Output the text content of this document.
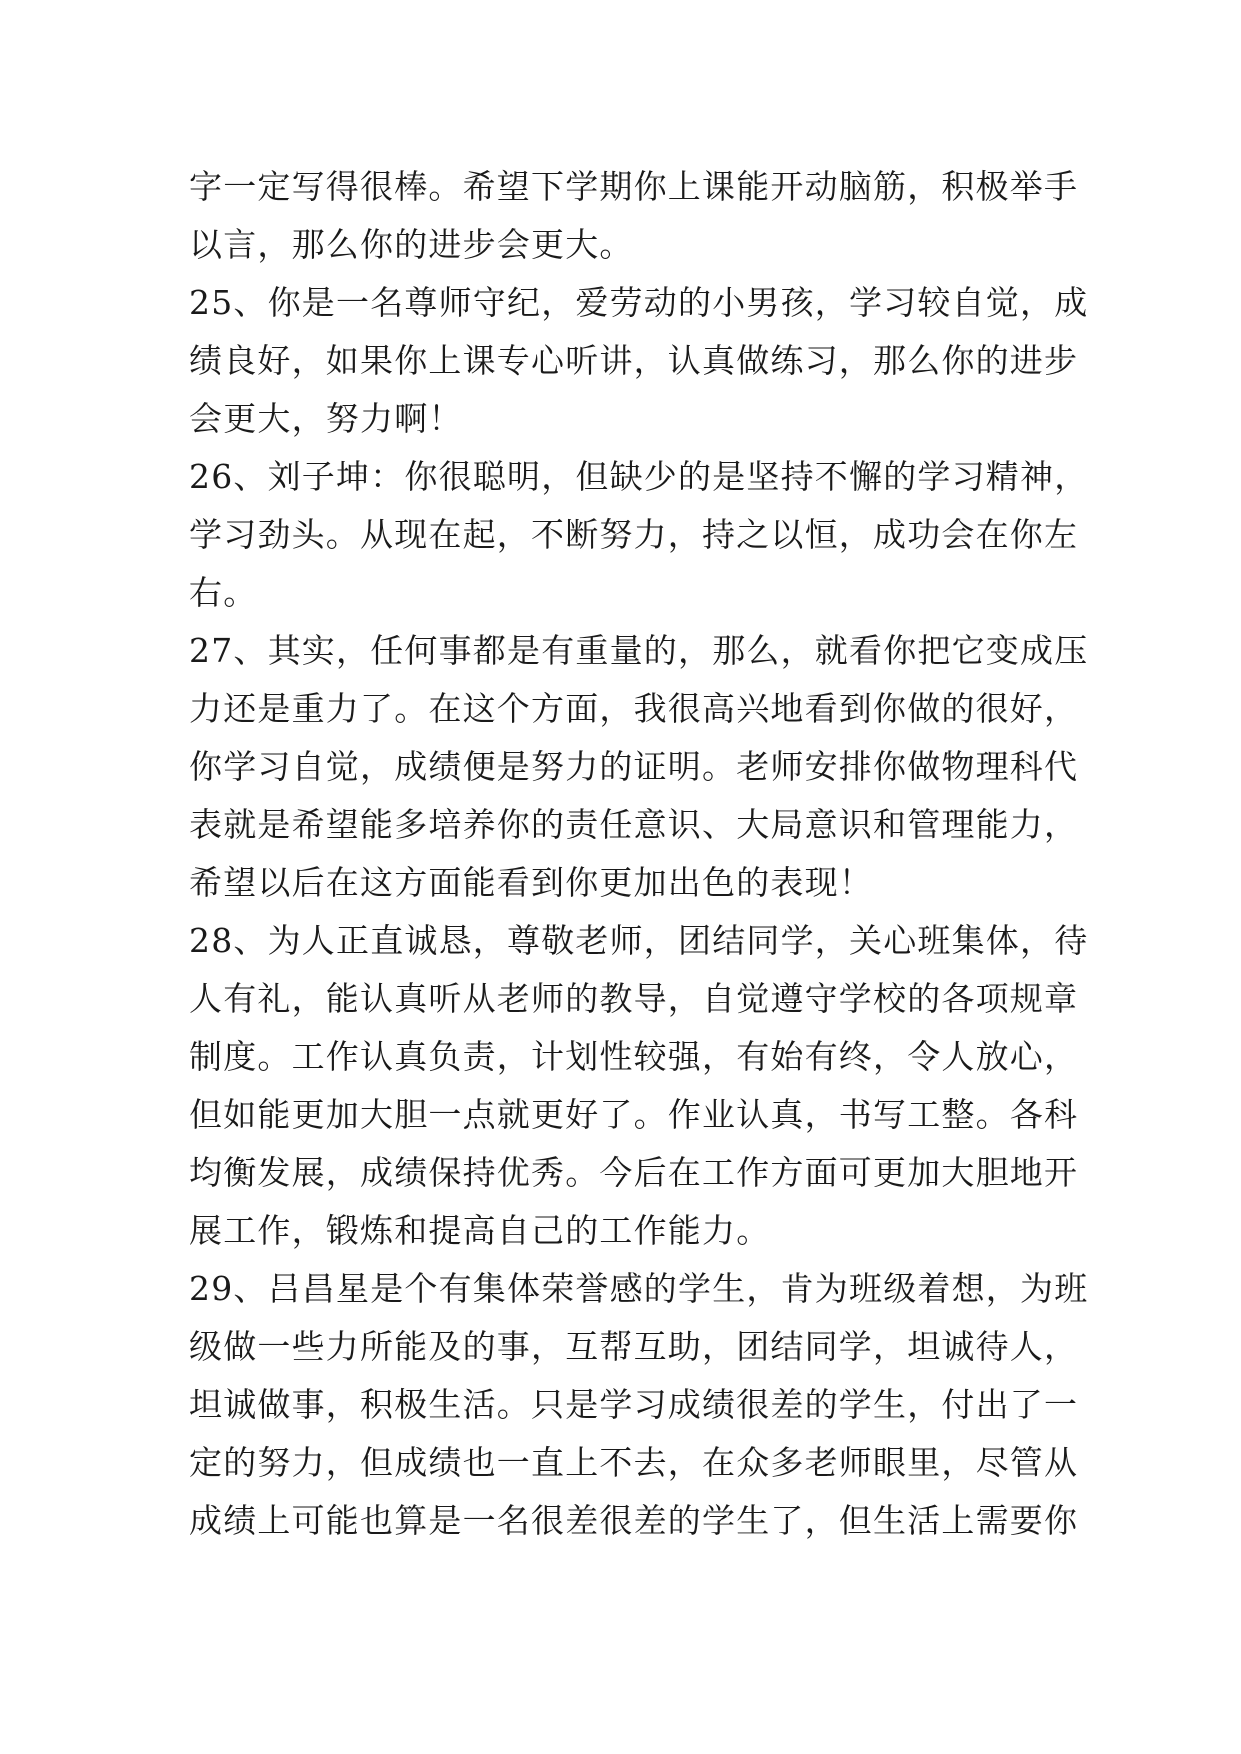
字一定写得很棒。希望下学期你上课能开动脑筋，积极举手
以言，那么你的进步会更大。
25、你是一名尊师守纪，爱劳动的小男孩，学习较自觉，成
绩良好，如果你上课专心听讲，认真做练习，那么你的进步
会更大，努力啊！
26、刘子坤：你很聪明，但缺少的是坚持不懈的学习精神，
学习劲头。从现在起，不断努力，持之以恒，成功会在你左
右。
27、其实，任何事都是有重量的，那么，就看你把它变成压
力还是重力了。在这个方面，我很高兴地看到你做的很好，
你学习自觉，成绩便是努力的证明。老师安排你做物理科代
表就是希望能多培养你的责任意识、大局意识和管理能力，
希望以后在这方面能看到你更加出色的表现！
28、为人正直诚恳，尊敬老师，团结同学，关心班集体，待
人有礼，能认真听从老师的教导，自觉遵守学校的各项规章
制度。工作认真负责，计划性较强，有始有终，令人放心，
但如能更加大胆一点就更好了。作业认真，书写工整。各科
均衡发展，成绩保持优秀。今后在工作方面可更加大胆地开
展工作，锻炼和提高自己的工作能力。
29、吕昌星是个有集体荣誉感的学生，肯为班级着想，为班
级做一些力所能及的事，互帮互助，团结同学，坦诚待人，
坦诚做事，积极生活。只是学习成绩很差的学生，付出了一
定的努力，但成绩也一直上不去，在众多老师眼里，尽管从
成绩上可能也算是一名很差很差的学生了，但生活上需要你
